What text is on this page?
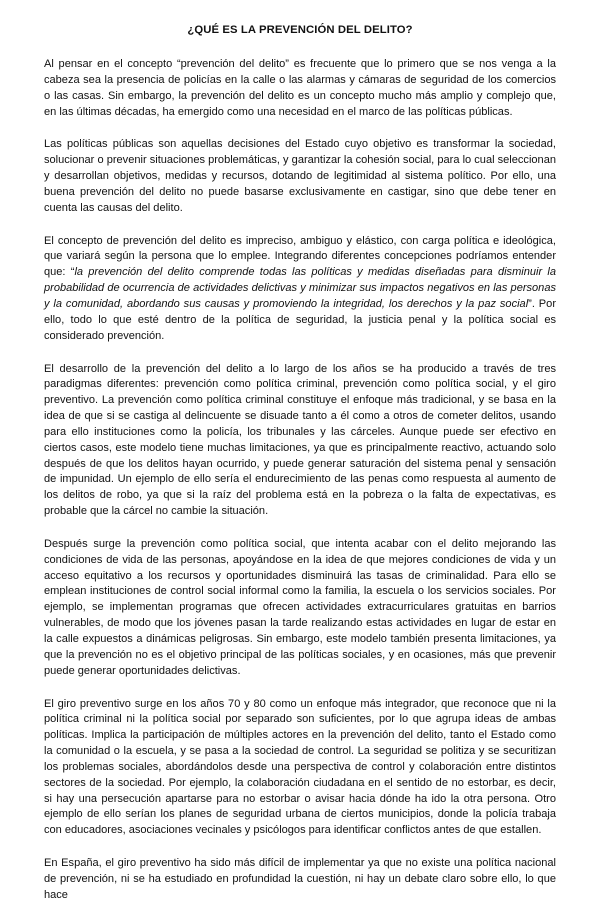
¿QUÉ ES LA PREVENCIÓN DEL DELITO?

Al pensar en el concepto “prevención del delito” es frecuente que lo primero que se nos venga a la cabeza sea la presencia de policías en la calle o las alarmas y cámaras de seguridad de los comercios o las casas. Sin embargo, la prevención del delito es un concepto mucho más amplio y complejo que, en las últimas décadas, ha emergido como una necesidad en el marco de las políticas públicas.

Las políticas públicas son aquellas decisiones del Estado cuyo objetivo es transformar la sociedad, solucionar o prevenir situaciones problemáticas, y garantizar la cohesión social, para lo cual seleccionan y desarrollan objetivos, medidas y recursos, dotando de legitimidad al sistema político. Por ello, una buena prevención del delito no puede basarse exclusivamente en castigar, sino que debe tener en cuenta las causas del delito.

El concepto de prevención del delito es impreciso, ambiguo y elástico, con carga política e ideológica, que variará según la persona que lo emplee. Integrando diferentes concepciones podríamos entender que: “la prevención del delito comprende todas las políticas y medidas diseñadas para disminuir la probabilidad de ocurrencia de actividades delictivas y minimizar sus impactos negativos en las personas y la comunidad, abordando sus causas y promoviendo la integridad, los derechos y la paz social”. Por ello, todo lo que esté dentro de la política de seguridad, la justicia penal y la política social es considerado prevención.

El desarrollo de la prevención del delito a lo largo de los años se ha producido a través de tres paradigmas diferentes: prevención como política criminal, prevención como política social, y el giro preventivo. La prevención como política criminal constituye el enfoque más tradicional, y se basa en la idea de que si se castiga al delincuente se disuade tanto a él como a otros de cometer delitos, usando para ello instituciones como la policía, los tribunales y las cárceles. Aunque puede ser efectivo en ciertos casos, este modelo tiene muchas limitaciones, ya que es principalmente reactivo, actuando solo después de que los delitos hayan ocurrido, y puede generar saturación del sistema penal y sensación de impunidad. Un ejemplo de ello sería el endurecimiento de las penas como respuesta al aumento de los delitos de robo, ya que si la raíz del problema está en la pobreza o la falta de expectativas, es probable que la cárcel no cambie la situación.

Después surge la prevención como política social, que intenta acabar con el delito mejorando las condiciones de vida de las personas, apoyándose en la idea de que mejores condiciones de vida y un acceso equitativo a los recursos y oportunidades disminuirá las tasas de criminalidad. Para ello se emplean instituciones de control social informal como la familia, la escuela o los servicios sociales. Por ejemplo, se implementan programas que ofrecen actividades extracurriculares gratuitas en barrios vulnerables, de modo que los jóvenes pasan la tarde realizando estas actividades en lugar de estar en la calle expuestos a dinámicas peligrosas. Sin embargo, este modelo también presenta limitaciones, ya que la prevención no es el objetivo principal de las políticas sociales, y en ocasiones, más que prevenir puede generar oportunidades delictivas.

El giro preventivo surge en los años 70 y 80 como un enfoque más integrador, que reconoce que ni la política criminal ni la política social por separado son suficientes, por lo que agrupa ideas de ambas políticas. Implica la participación de múltiples actores en la prevención del delito, tanto el Estado como la comunidad o la escuela, y se pasa a la sociedad de control. La seguridad se politiza y se securitizan los problemas sociales, abordándolos desde una perspectiva de control y colaboración entre distintos sectores de la sociedad. Por ejemplo, la colaboración ciudadana en el sentido de no estorbar, es decir, si hay una persecución apartarse para no estorbar o avisar hacia dónde ha ido la otra persona. Otro ejemplo de ello serían los planes de seguridad urbana de ciertos municipios, donde la policía trabaja con educadores, asociaciones vecinales y psicólogos para identificar conflictos antes de que estallen.

En España, el giro preventivo ha sido más difícil de implementar ya que no existe una política nacional de prevención, ni se ha estudiado en profundidad la cuestión, ni hay un debate claro sobre ello, lo que hace
